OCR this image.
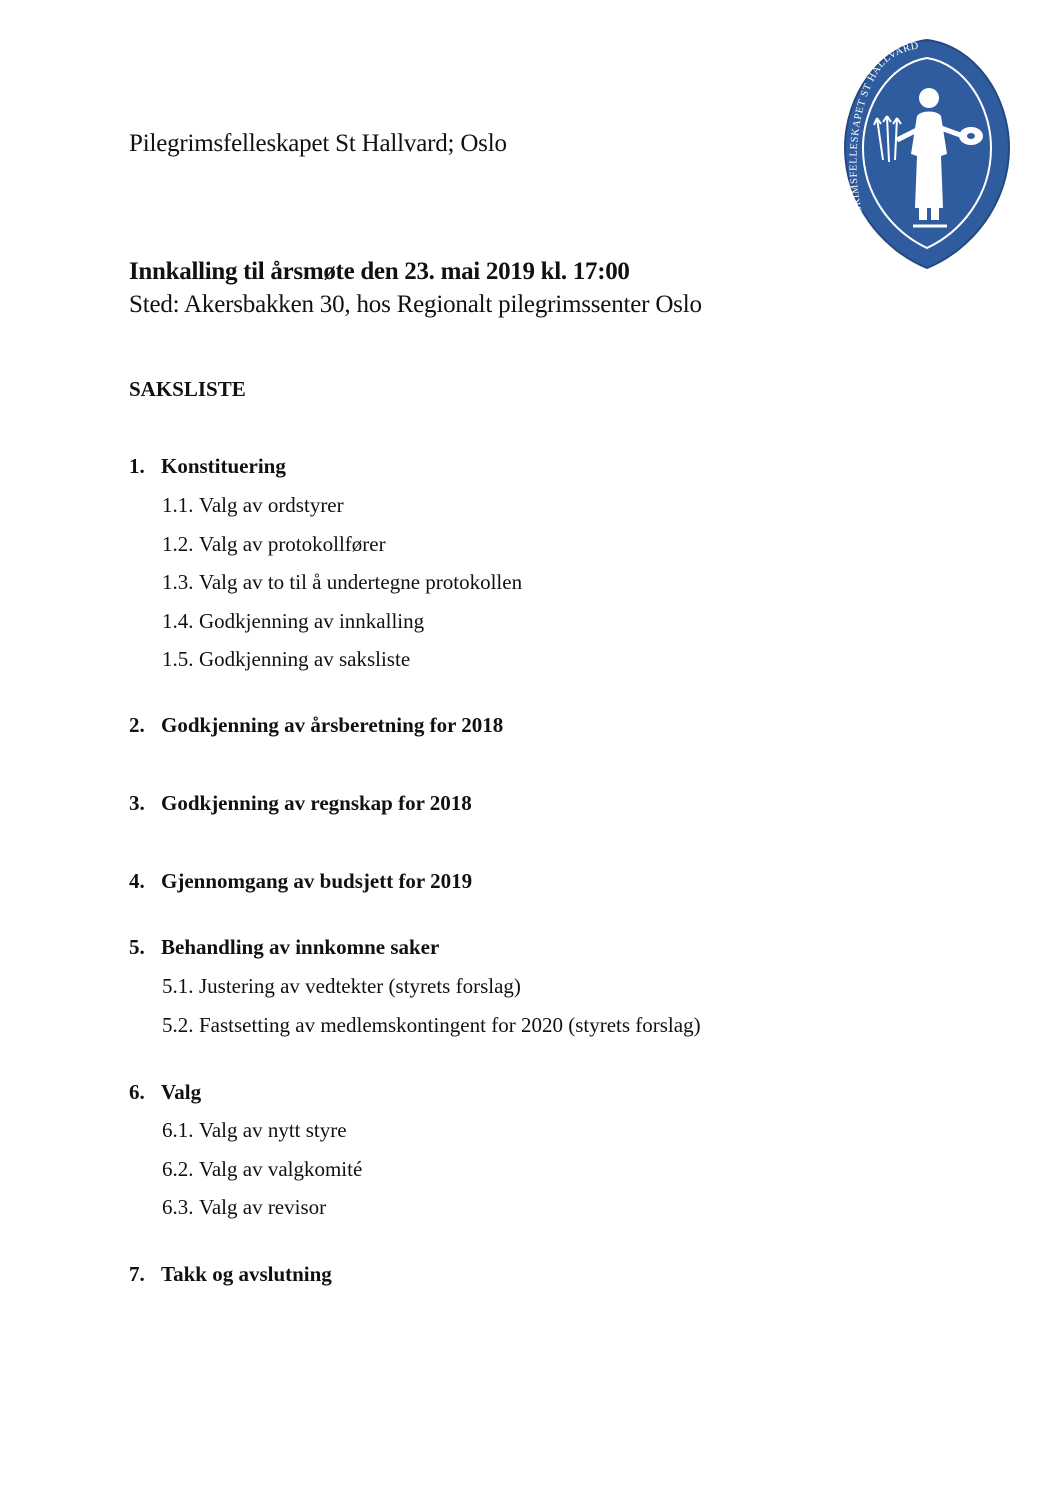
Pilegrimsfelleskapet St Hallvard; Oslo
PILEGRIMSFELLESKAPET ST HALLVARD
Innkalling til årsmøte den 23. mai 2019 kl. 17:00
Sted: Akersbakken 30, hos Regionalt pilegrimssenter Oslo
SAKSLISTE
1. Konstituering
1.1. Valg av ordstyrer
1.2. Valg av protokollfører
1.3. Valg av to til å undertegne protokollen
1.4. Godkjenning av innkalling
1.5. Godkjenning av saksliste
2. Godkjenning av årsberetning for 2018
3. Godkjenning av regnskap for 2018
4. Gjennomgang av budsjett for 2019
5. Behandling av innkomne saker
5.1. Justering av vedtekter (styrets forslag)
5.2. Fastsetting av medlemskontingent for 2020 (styrets forslag)
6. Valg
6.1. Valg av nytt styre
6.2. Valg av valgkomité
6.3. Valg av revisor
7. Takk og avslutning
